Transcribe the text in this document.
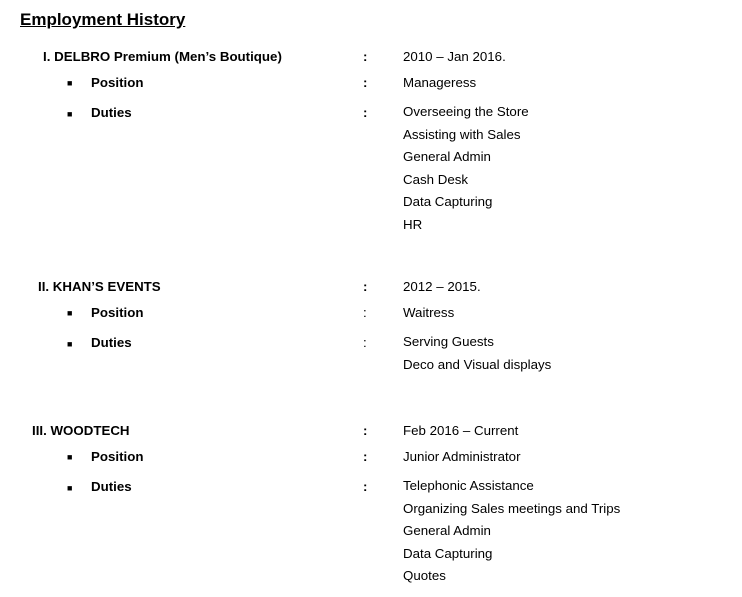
Employment History
I. DELBRO Premium (Men’s Boutique)	:	2010 – Jan 2016.
■ Position	:	Manageress
■ Duties	:	Overseeing the Store
Assisting with Sales
General Admin
Cash Desk
Data Capturing
HR
II. KHAN’S EVENTS	:	2012 – 2015.
■ Position	:	Waitress
■ Duties	:	Serving Guests
Deco and Visual displays
III. WOODTECH	:	Feb 2016 – Current
■ Position	:	Junior Administrator
■ Duties	:	Telephonic Assistance
Organizing Sales meetings and Trips
General Admin
Data Capturing
Quotes
